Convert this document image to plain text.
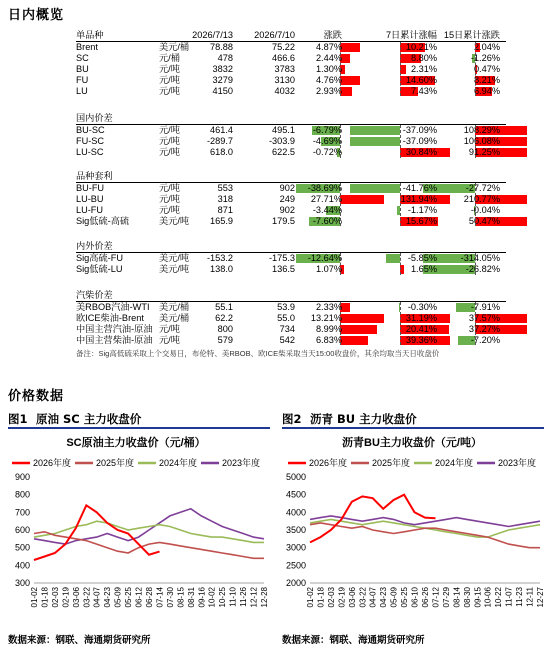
日内概览
单品种	2026/7/13	2026/7/10	涨跌	7日累计涨幅 15日累计涨跌
Brent	美元/桶	78.88	75.22	4.87%	10.21%	2.04%
SC	元/桶	478	466.6	2.44%	8.80%	-1.26%
BU	元/吨	3832	3783	1.30%	2.31%	0.47%
FU	元/吨	3279	3130	4.76%	14.60%	8.21%
LU	元/吨	4150	4032	2.93%	7.43%	6.94%
国内价差
BU-SC	元/吨	461.4	495.1	-6.79%	-37.09%	108.29%
FU-SC	元/吨	-289.7	-303.9	-4.69%	-37.09%	106.08%
LU-SC	元/吨	618.0	622.5	-0.72%	30.84%	91.25%
品种套利
BU-FU	元/吨	553	902	-38.69%	-41.76%	-27.72%
LU-BU	元/吨	318	249	27.71%	131.94%	210.77%
LU-FU	元/吨	871	902	-3.44%	-1.17%	-0.04%
Sig低硫-高硫	美元/吨	165.9	179.5	-7.60%	15.67%	50.47%
内外价差
Sig高硫-FU	美元/吨	-153.2	-175.3	-12.64%	-5.85%	-314.05%
Sig低硫-LU	美元/吨	138.0	136.5	1.07%	1.65%	-26.82%
汽柴价差
美RBOB汽油-WTI 美元/桶	55.1	53.9	2.33%	-0.30%	-7.91%
欧ICE柴油-Brent 美元/桶	62.2	55.0	13.21%	31.19%	37.57%
中国主营汽油-原油 元/吨	800	734	8.99%	20.41%	37.27%
中国主营柴油-原油 元/吨	579	542	6.83%	39.36%	-7.20%
备注：Sig高低硫采取上个交易日，布伦特、美RBOB、欧ICE柴采取当天15:00收盘价，其余均取当天日收盘价
价格数据
图1 原油 SC 主力收盘价	图2 沥青 BU 主力收盘价
SC原油主力收盘价（元/桶）
2026年度	2025年度	2024年度	2023年度
300
400
500
600
700
800
900
01-02 01-18 02-03 02-19 03-06 03-22 04-07 04-23 05-09 05-25 06-12 06-28 07-14 07-30 08-15 08-31 09-16 10-02 10-25 11-10 11-26 12-12 12-28
沥青BU主力收盘价（元/吨）
2026年度	2025年度	2024年度	2023年度
2000
2500
3000
3500
4000
4500
5000
01-02 01-18 02-03 02-19 03-06 03-22 04-07 04-23 05-09 05-25 06-10 06-26 07-12 07-29 08-14 08-30 09-15 10-06 10-22 11-07 11-23 12-11 12-27
数据来源：钢联、海通期货研究所	数据来源：钢联、海通期货研究所
